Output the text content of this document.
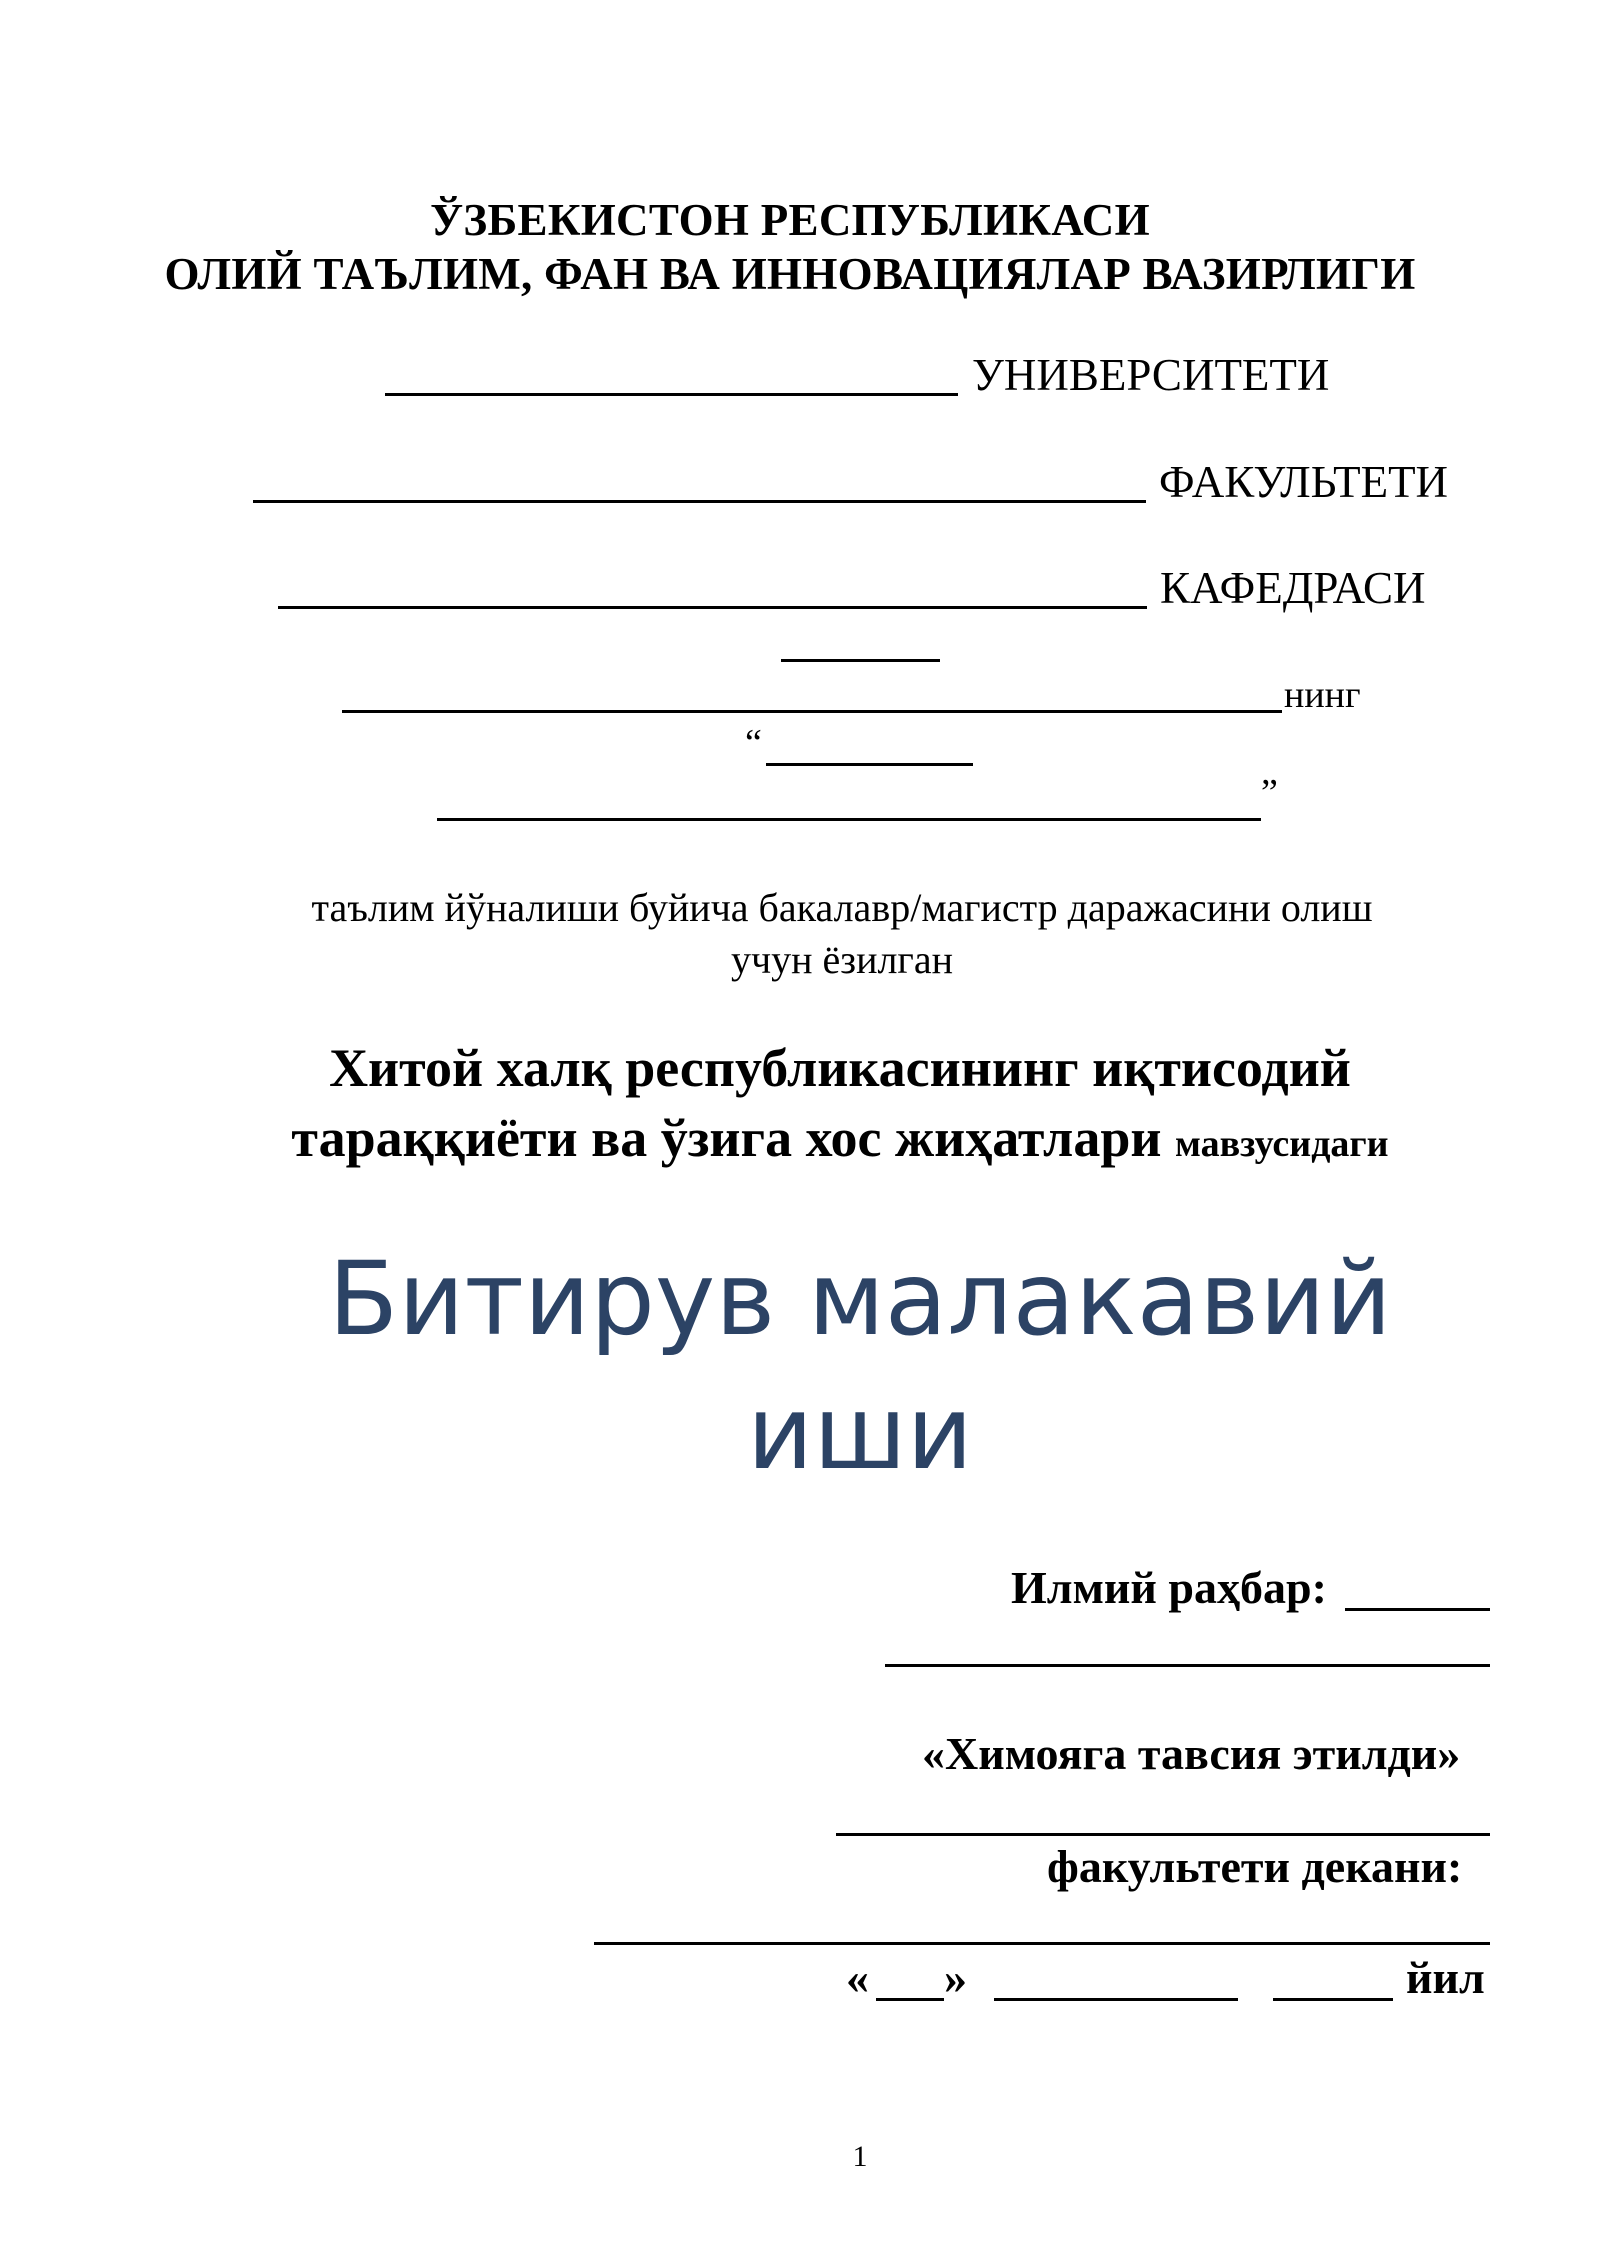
ЎЗБЕКИСТОН РЕСПУБЛИКАСИ
ОЛИЙ ТАЪЛИМ, ФАН ВА ИННОВАЦИЯЛАР ВАЗИРЛИГИ
УНИВЕРСИТЕТИ
ФАКУЛЬТЕТИ
КАФЕДРАСИ
нинг
“
”
таълим йўналиши буйича бакалавр/магистр даражасини олиш
учун ёзилган
Хитой халқ республикасининг иқтисодий
тараққиёти ва ўзига хос жиҳатлари мавзусидаги
Битирув малакавий
иши
Илмий раҳбар:
«Химояга тавсия этилди»
факультети декани:
« »	йил
1
